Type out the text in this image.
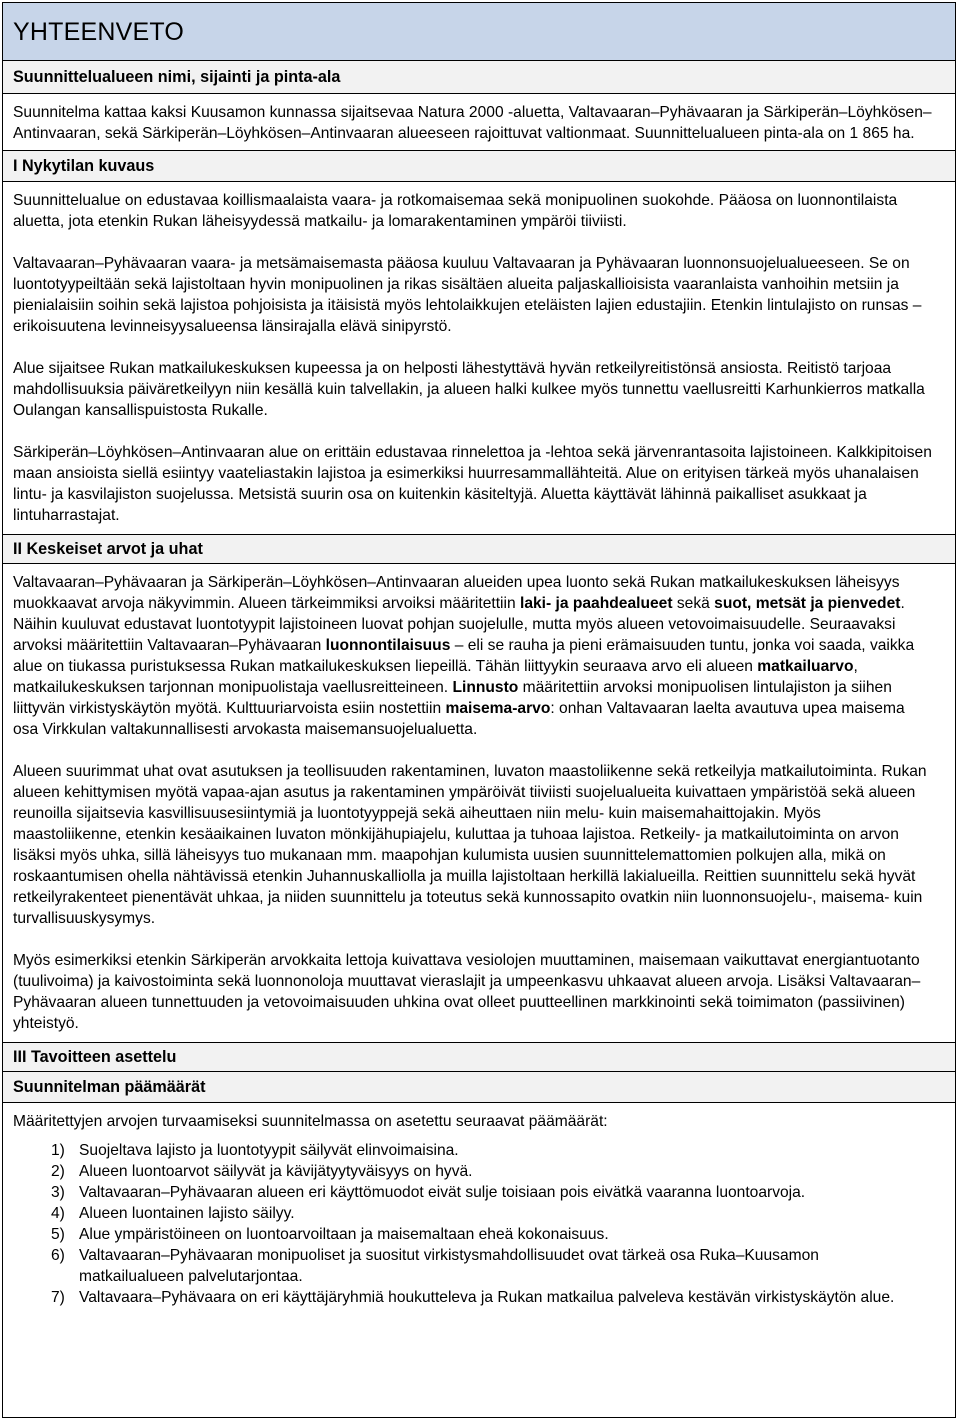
YHTEENVETO
Suunnittelualueen nimi, sijainti ja pinta-ala

Suunnitelma kattaa kaksi Kuusamon kunnassa sijaitsevaa Natura 2000 -aluetta, Valtavaaran–Pyhävaaran ja Särkiperän–Löyhkösen–Antinvaaran, sekä Särkiperän–Löyhkösen–Antinvaaran alueeseen rajoittuvat valtionmaat. Suunnittelualueen pinta-ala on 1 865 ha.

I Nykytilan kuvaus

Suunnittelualue on edustavaa koillismaalaista vaara- ja rotkomaisemaa sekä monipuolinen suokohde. Pääosa on luonnontilaista aluetta, jota etenkin Rukan läheisyydessä matkailu- ja lomarakentaminen ympäröi tiiviisti.

Valtavaaran–Pyhävaaran vaara- ja metsämaisemasta pääosa kuuluu Valtavaaran ja Pyhävaaran luonnonsuojelualueeseen. Se on luontotyypeiltään sekä lajistoltaan hyvin monipuolinen ja rikas sisältäen alueita paljaskallioisista vaaranlaista vanhoihin metsiin ja pienialaisiin soihin sekä lajistoa pohjoisista ja itäisistä myös lehtolaikkujen eteläisten lajien edustajiin. Etenkin lintulajisto on runsas – erikoisuutena levinneisyysalueensa länsirajalla elävä sinipyrstö.

Alue sijaitsee Rukan matkailukeskuksen kupeessa ja on helposti lähestyttävä hyvän retkeilyreitistönsä ansiosta. Reitistö tarjoaa mahdollisuuksia päiväretkeilyyn niin kesällä kuin talvellakin, ja alueen halki kulkee myös tunnettu vaellusreitti Karhunkierros matkalla Oulangan kansallispuistosta Rukalle.

Särkiperän–Löyhkösen–Antinvaaran alue on erittäin edustavaa rinnelettoa ja -lehtoa sekä järvenrantasoita lajistoineen. Kalkkipitoisen maan ansioista siellä esiintyy vaateliastakin lajistoa ja esimerkiksi huurresammallähteitä. Alue on erityisen tärkeä myös uhanalaisen lintu- ja kasvilajiston suojelussa. Metsistä suurin osa on kuitenkin käsiteltyjä. Aluetta käyttävät lähinnä paikalliset asukkaat ja lintuharrastajat.

II Keskeiset arvot ja uhat

Valtavaaran–Pyhävaaran ja Särkiperän–Löyhkösen–Antinvaaran alueiden upea luonto sekä Rukan matkailukeskuksen läheisyys muokkaavat arvoja näkyvimmin. Alueen tärkeimmiksi arvoiksi määritettiin laki- ja paahdealueet sekä suot, metsät ja pienvedet. Näihin kuuluvat edustavat luontotyypit lajistoineen luovat pohjan suojelulle, mutta myös alueen vetovoimaisuudelle. Seuraavaksi arvoksi määritettiin Valtavaaran–Pyhävaaran luonnontilaisuus – eli se rauha ja pieni erämaisuuden tuntu, jonka voi saada, vaikka alue on tiukassa puristuksessa Rukan matkailukeskuksen liepeillä. Tähän liittyykin seuraava arvo eli alueen matkailuarvo, matkailukeskuksen tarjonnan monipuolistaja vaellusreitteineen. Linnusto määritettiin arvoksi monipuolisen lintulajiston ja siihen liittyvän virkistyskäytön myötä. Kulttuuriarvoista esiin nostettiin maisema-arvo: onhan Valtavaaran laelta avautuva upea maisema osa Virkkulan valtakunnallisesti arvokasta maisemansuojelualuetta.

Alueen suurimmat uhat ovat asutuksen ja teollisuuden rakentaminen, luvaton maastoliikenne sekä retkeilyja matkailutoiminta. Rukan alueen kehittymisen myötä vapaa-ajan asutus ja rakentaminen ympäröivät tiiviisti suojelualueita kuivattaen ympäristöä sekä alueen reunoilla sijaitsevia kasvillisuusesiintymiä ja luontotyyppejä sekä aiheuttaen niin melu- kuin maisemahaittojakin. Myös maastoliikenne, etenkin kesäaikainen luvaton mönkijähupiajelu, kuluttaa ja tuhoaa lajistoa. Retkeily- ja matkailutoiminta on arvon lisäksi myös uhka, sillä läheisyys tuo mukanaan mm. maapohjan kulumista uusien suunnittelemattomien polkujen alla, mikä on roskaantumisen ohella nähtävissä etenkin Juhannuskalliolla ja muilla lajistoltaan herkillä lakialueilla. Reittien suunnittelu sekä hyvät retkeilyrakenteet pienentävät uhkaa, ja niiden suunnittelu ja toteutus sekä kunnossapito ovatkin niin luonnonsuojelu-, maisema- kuin turvallisuuskysymys.

Myös esimerkiksi etenkin Särkiperän arvokkaita lettoja kuivattava vesiolojen muuttaminen, maisemaan vaikuttavat energiantuotanto (tuulivoima) ja kaivostoiminta sekä luonnonoloja muuttavat vieraslajit ja umpeenkasvu uhkaavat alueen arvoja. Lisäksi Valtavaaran–Pyhävaaran alueen tunnettuuden ja vetovoimaisuuden uhkina ovat olleet puutteellinen markkinointi sekä toimimaton (passiivinen) yhteistyö.

III Tavoitteen asettelu
Suunnitelman päämäärät

Määritettyjen arvojen turvaamiseksi suunnitelmassa on asetettu seuraavat päämäärät:

1) Suojeltava lajisto ja luontotyypit säilyvät elinvoimaisina.
2) Alueen luontoarvot säilyvät ja kävijätyytyväisyys on hyvä.
3) Valtavaaran–Pyhävaaran alueen eri käyttömuodot eivät sulje toisiaan pois eivätkä vaaranna luontoarvoja.
4) Alueen luontainen lajisto säilyy.
5) Alue ympäristöineen on luontoarvoiltaan ja maisemaltaan eheä kokonaisuus.
6) Valtavaaran–Pyhävaaran monipuoliset ja suositut virkistysmahdollisuudet ovat tärkeä osa Ruka–Kuusamon matkailualueen palvelutarjontaa.
7) Valtavaara–Pyhävaara on eri käyttäjäryhmiä houkutteleva ja Rukan matkailua palveleva kestävän virkistyskäytön alue.
